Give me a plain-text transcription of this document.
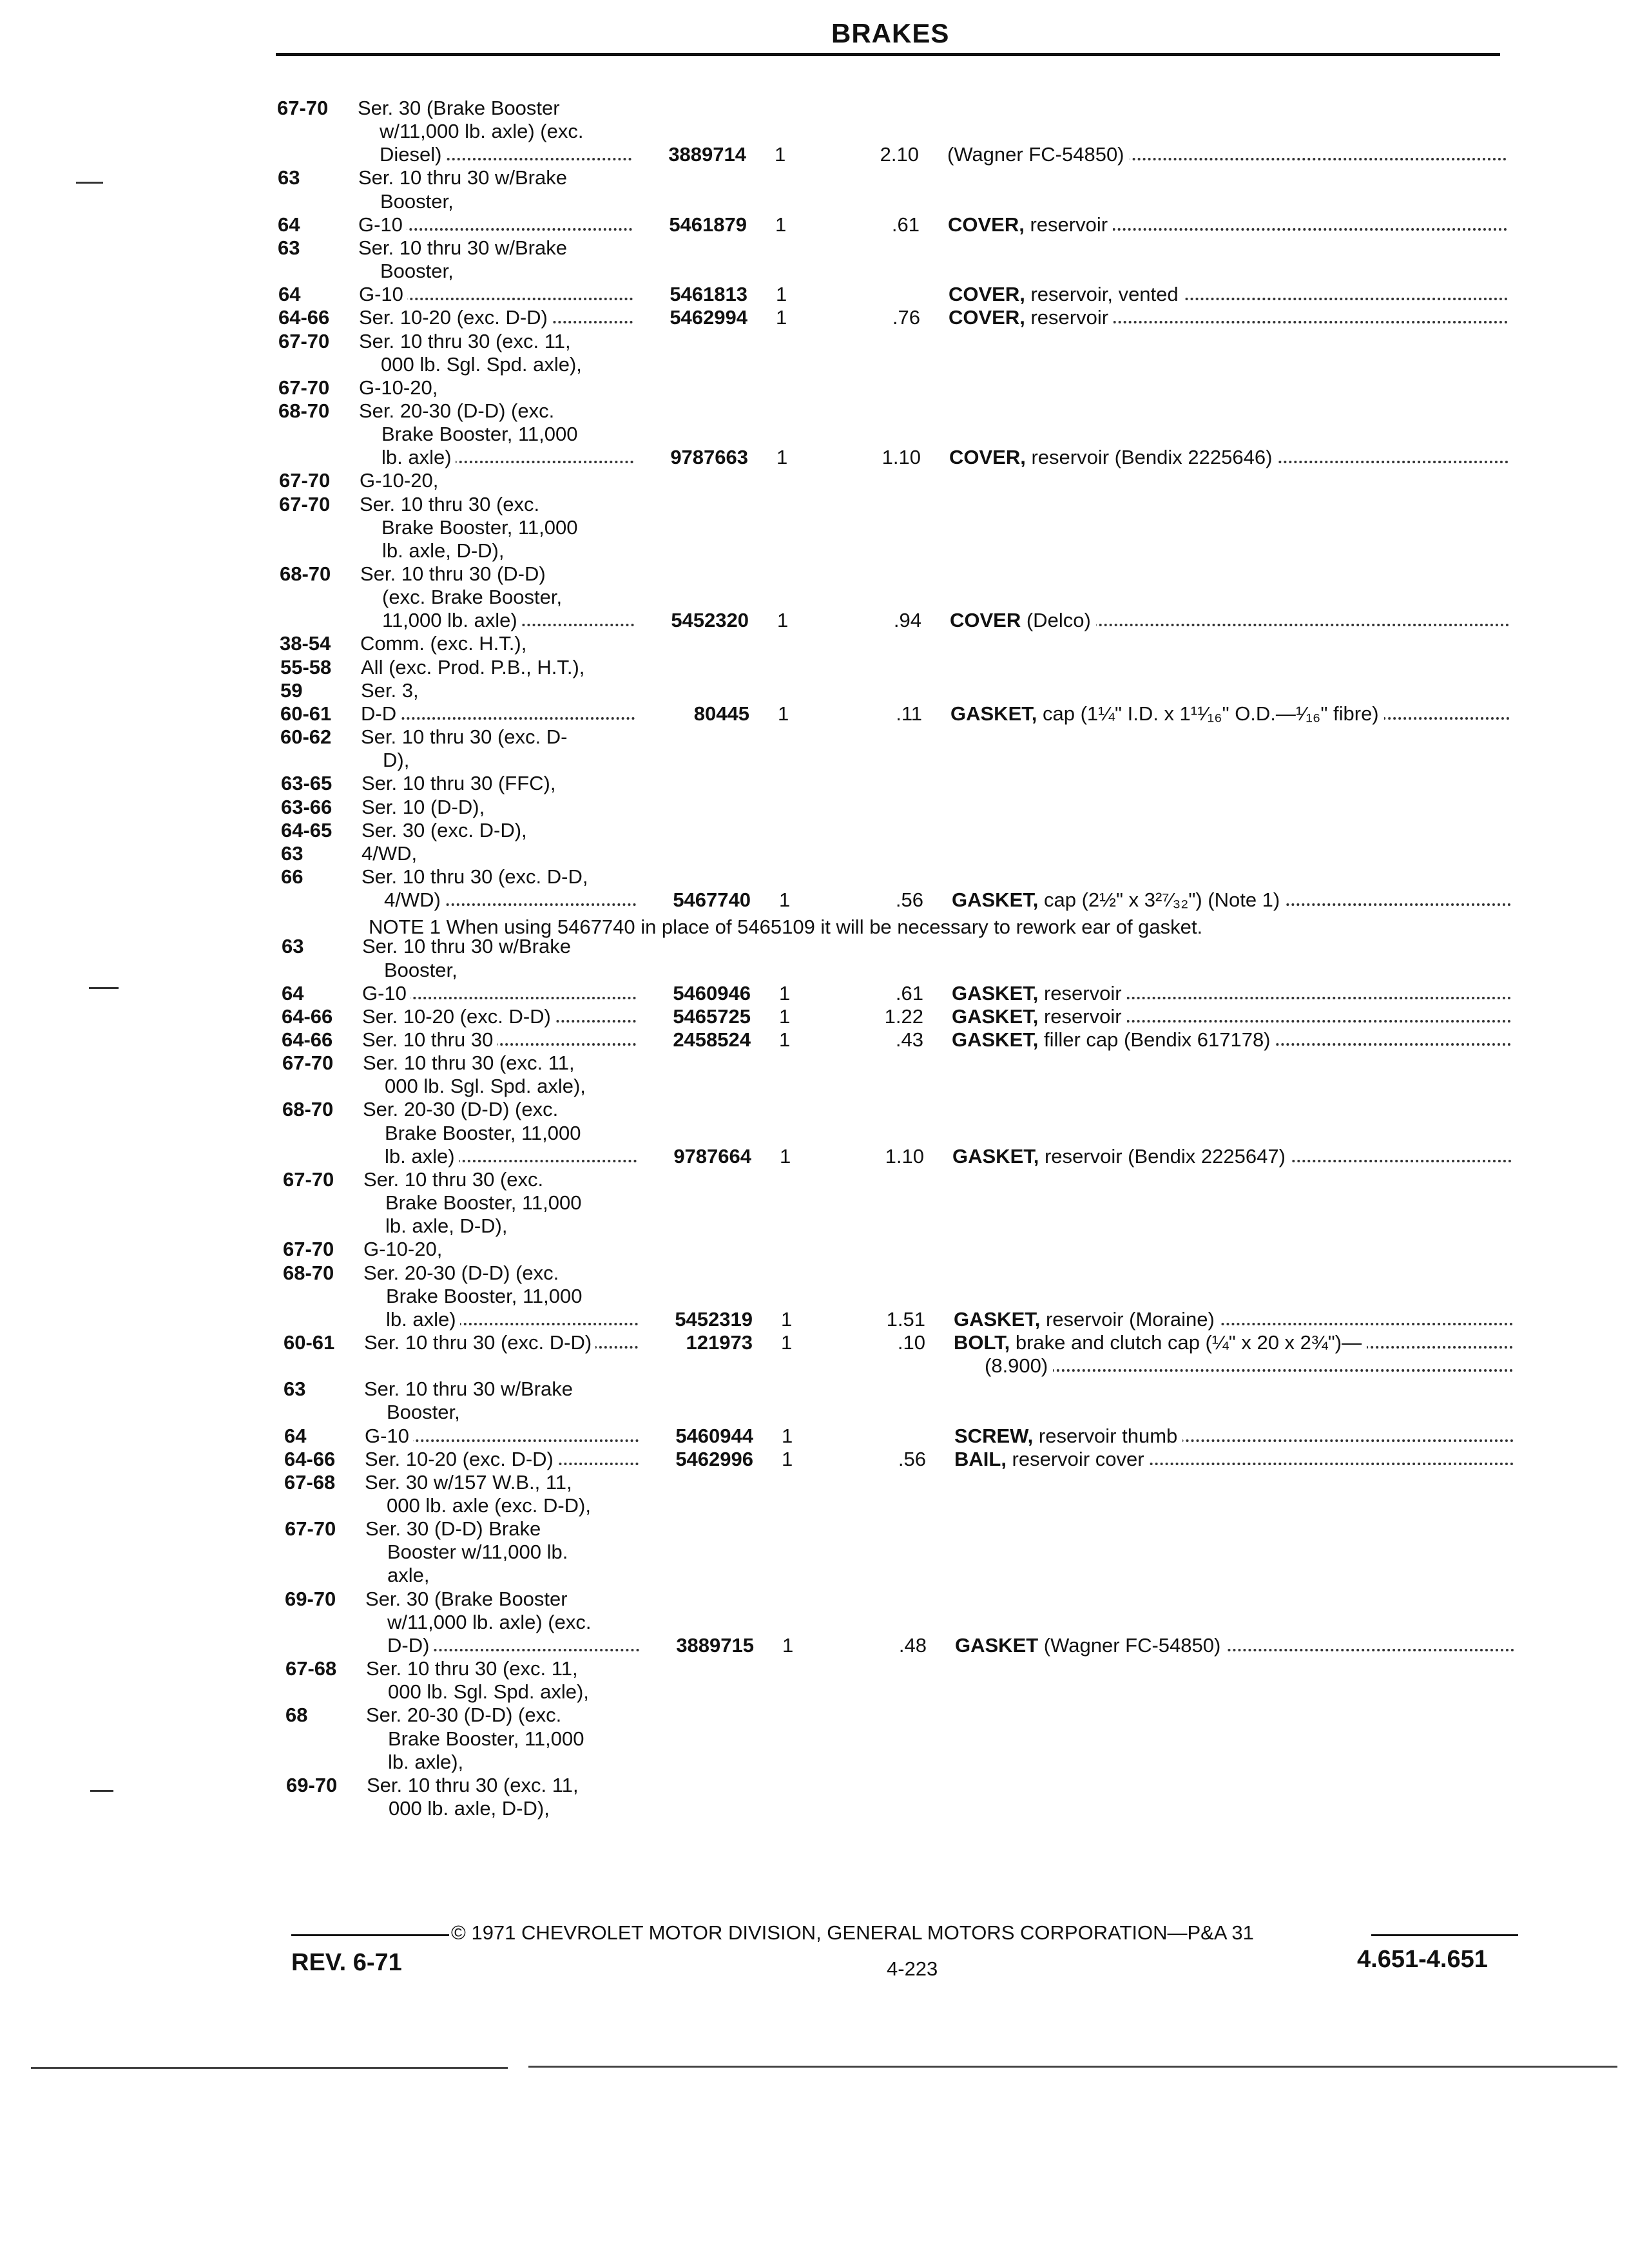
BRAKES
67-70 Ser. 30 (Brake Booster
w/11,000 lb. axle) (exc.
Diesel)	3889714 1	2.10 (Wagner FC-54850)
63	Ser. 10 thru 30 w/Brake
Booster,
64	G-10	5461879 1	.61 COVER, reservoir
63	Ser. 10 thru 30 w/Brake
Booster,
64	G-10	5461813 1	COVER, reservoir, vented
64-66 Ser. 10-20 (exc. D-D)	5462994 1	.76 COVER, reservoir
67-70 Ser. 10 thru 30 (exc. 11,
000 lb. Sgl. Spd. axle),
67-70 G-10-20,
68-70 Ser. 20-30 (D-D) (exc.
Brake Booster, 11,000
lb. axle)	9787663 1	1.10 COVER, reservoir (Bendix 2225646)
67-70 G-10-20,
67-70 Ser. 10 thru 30 (exc.
Brake Booster, 11,000
lb. axle, D-D),
68-70 Ser. 10 thru 30 (D-D)
(exc. Brake Booster,
11,000 lb. axle)	5452320 1	.94 COVER (Delco)
38-54 Comm. (exc. H.T.),
55-58 All (exc. Prod. P.B., H.T.),
59	Ser. 3,
60-61 D-D	80445 1	.11 GASKET, cap (1¼" I.D. x 1¹¹⁄₁₆" O.D.—¹⁄₁₆" fibre)
60-62 Ser. 10 thru 30 (exc. D-
D),
63-65 Ser. 10 thru 30 (FFC),
63-66 Ser. 10 (D-D),
64-65 Ser. 30 (exc. D-D),
63	4/WD,
66	Ser. 10 thru 30 (exc. D-D,
4/WD)	5467740 1	.56 GASKET, cap (2½" x 3²⁷⁄₃₂") (Note 1)
63	Ser. 10 thru 30 w/Brake
Booster,
64	G-10	5460946 1	.61 GASKET, reservoir
64-66 Ser. 10-20 (exc. D-D)	5465725 1	1.22 GASKET, reservoir
64-66 Ser. 10 thru 30	2458524 1	.43 GASKET, filler cap (Bendix 617178)
67-70 Ser. 10 thru 30 (exc. 11,
000 lb. Sgl. Spd. axle),
68-70 Ser. 20-30 (D-D) (exc.
Brake Booster, 11,000
lb. axle)	9787664 1	1.10 GASKET, reservoir (Bendix 2225647)
67-70 Ser. 10 thru 30 (exc.
Brake Booster, 11,000
lb. axle, D-D),
67-70 G-10-20,
68-70 Ser. 20-30 (D-D) (exc.
Brake Booster, 11,000
lb. axle)	5452319 1	1.51 GASKET, reservoir (Moraine)
60-61 Ser. 10 thru 30 (exc. D-D)	121973 1	.10 BOLT, brake and clutch cap (¼" x 20 x 2¾")—
(8.900)
63	Ser. 10 thru 30 w/Brake
Booster,
64	G-10	5460944 1	SCREW, reservoir thumb
64-66 Ser. 10-20 (exc. D-D)	5462996 1	.56 BAIL, reservoir cover
67-68 Ser. 30 w/157 W.B., 11,
000 lb. axle (exc. D-D),
67-70 Ser. 30 (D-D) Brake
Booster w/11,000 lb.
axle,
69-70 Ser. 30 (Brake Booster
w/11,000 lb. axle) (exc.
D-D)	3889715 1	.48 GASKET (Wagner FC-54850)
67-68 Ser. 10 thru 30 (exc. 11,
000 lb. Sgl. Spd. axle),
68	Ser. 20-30 (D-D) (exc.
Brake Booster, 11,000
lb. axle),
69-70 Ser. 10 thru 30 (exc. 11,
000 lb. axle, D-D),
NOTE 1 When using 5467740 in place of 5465109 it will be necessary to rework ear of gasket.
© 1971 CHEVROLET MOTOR DIVISION, GENERAL MOTORS CORPORATION—P&A 31
REV. 6-71	4-223	4.651-4.651
